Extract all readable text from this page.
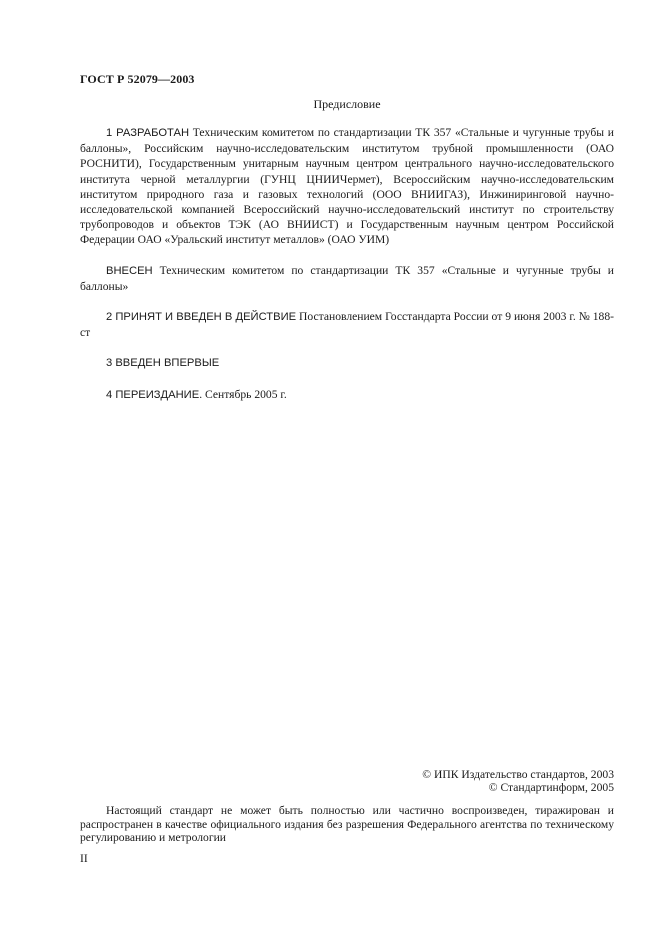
ГОСТ Р 52079—2003
Предисловие

1 РАЗРАБОТАН Техническим комитетом по стандартизации ТК 357 «Стальные и чугунные трубы и баллоны», Российским научно-исследовательским институтом трубной промышленности (ОАО РОСНИТИ), Государственным унитарным научным центром центрального научно-исследовательского института черной металлургии (ГУНЦ ЦНИИЧермет), Всероссийским научно-исследовательским институтом природного газа и газовых технологий (ООО ВНИИГАЗ), Инжиниринговой научно-исследовательской компанией Всероссийский научно-исследовательский институт по строительству трубопроводов и объектов ТЭК (АО ВНИИСТ) и Государственным научным центром Российской Федерации ОАО «Уральский институт металлов» (ОАО УИМ)

ВНЕСЕН Техническим комитетом по стандартизации ТК 357 «Стальные и чугунные трубы и баллоны»

2 ПРИНЯТ И ВВЕДЕН В ДЕЙСТВИЕ Постановлением Госстандарта России от 9 июня 2003 г. № 188-ст

3 ВВЕДЕН ВПЕРВЫЕ

4 ПЕРЕИЗДАНИЕ. Сентябрь 2005 г.

© ИПК Издательство стандартов, 2003
© Стандартинформ, 2005
Настоящий стандарт не может быть полностью или частично воспроизведен, тиражирован и распространен в качестве официального издания без разрешения Федерального агентства по техническому регулированию и метрологии
II
